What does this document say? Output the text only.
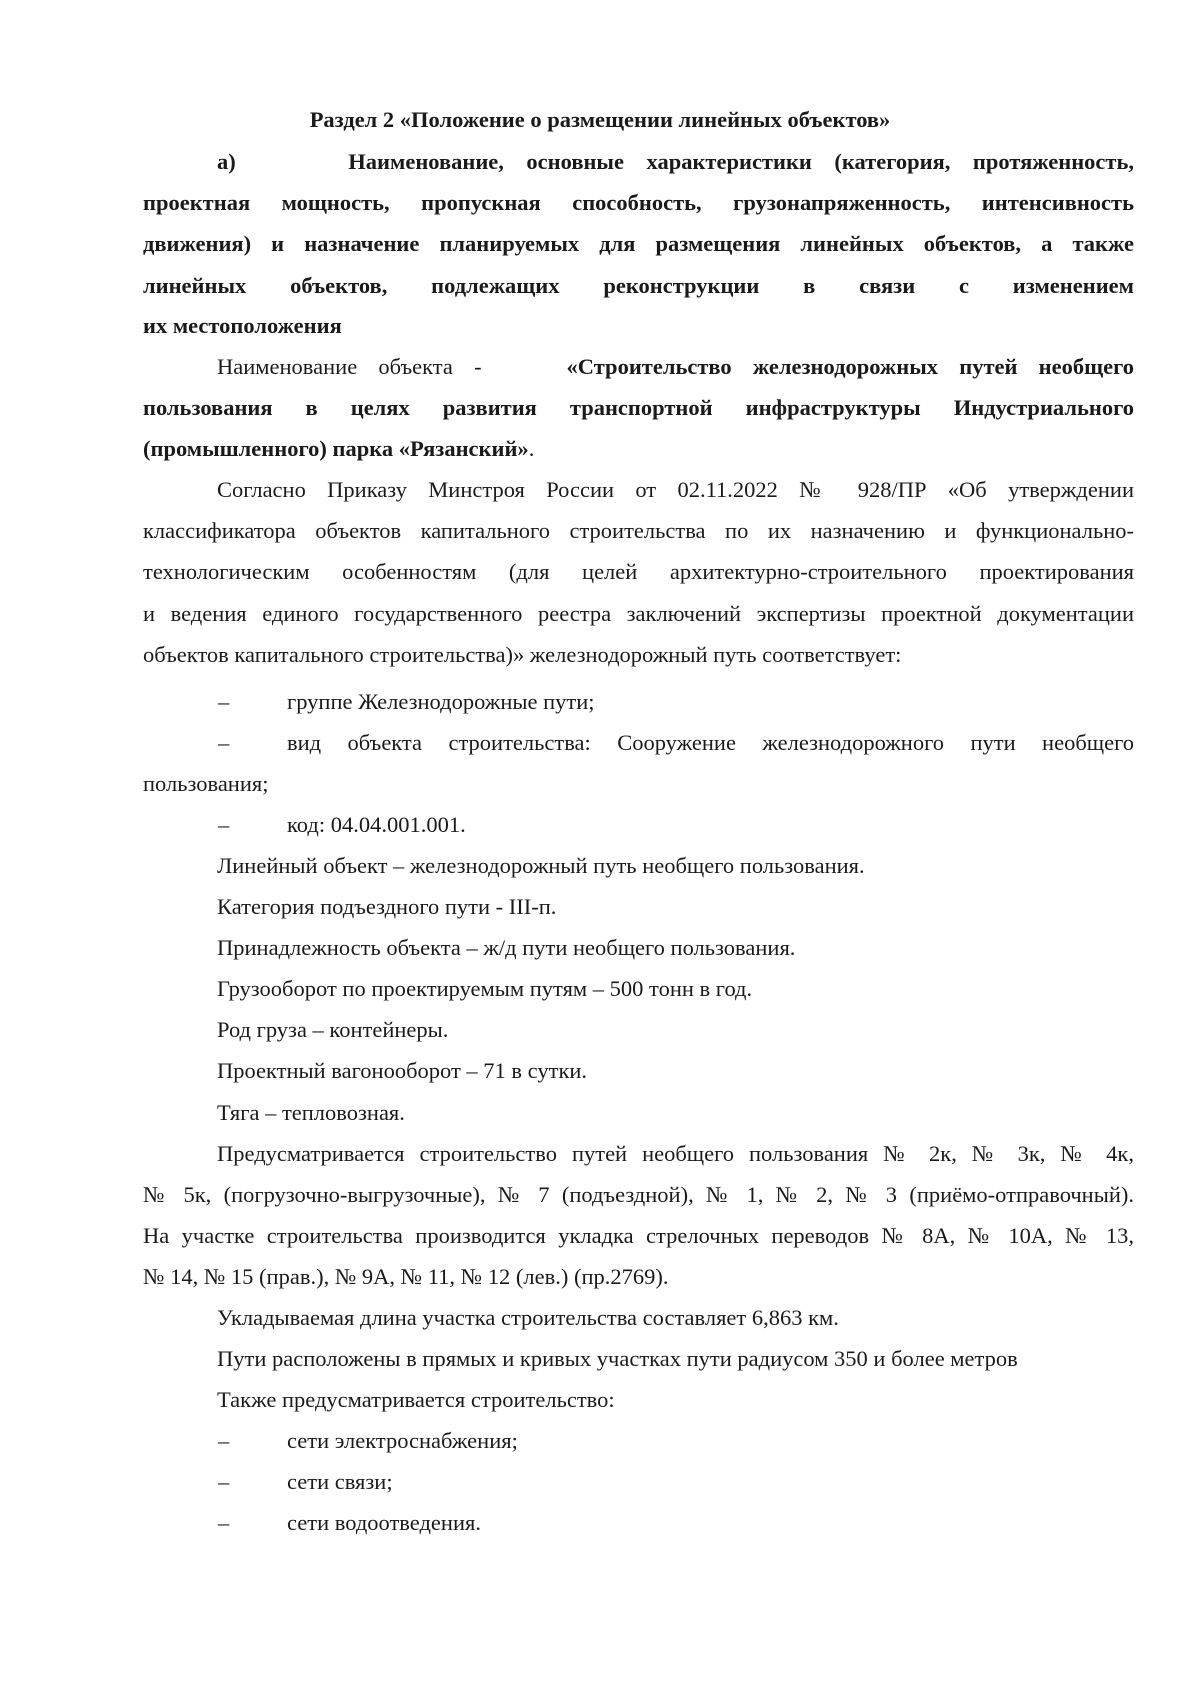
Раздел 2 «Положение о размещении линейных объектов»

а)	Наименование, основные характеристики (категория, протяженность,

проектная мощность, пропускная способность, грузонапряженность, интенсивность

движения) и назначение планируемых для размещения линейных объектов, а также

линейных объектов, подлежащих реконструкции в связи с изменением

их местоположения

Наименование объекта -	«Строительство железнодорожных путей необщего

пользования в целях развития транспортной инфраструктуры Индустриального

(промышленного) парка «Рязанский».

Согласно Приказу Минстроя России от 02.11.2022 № 928/ПР «Об утверждении

классификатора объектов капитального строительства по их назначению и функционально-

технологическим особенностям (для целей архитектурно-строительного проектирования

и ведения единого государственного реестра заключений экспертизы проектной документации

объектов капитального строительства)» железнодорожный путь соответствует:

–	группе Железнодорожные пути;

–	вид объекта строительства: Сооружение железнодорожного пути необщего

пользования;

–	код: 04.04.001.001.

Линейный объект – железнодорожный путь необщего пользования.

Категория подъездного пути - III-п.

Принадлежность объекта – ж/д пути необщего пользования.

Грузооборот по проектируемым путям – 500 тонн в год.

Род груза – контейнеры.

Проектный вагонооборот – 71 в сутки.

Тяга – тепловозная.

Предусматривается строительство путей необщего пользования № 2к, № 3к, № 4к,

№ 5к, (погрузочно-выгрузочные), № 7 (подъездной), № 1, № 2, № 3 (приёмо-отправочный).

На участке строительства производится укладка стрелочных переводов № 8А, № 10А, № 13,

№ 14, № 15 (прав.), № 9А, № 11, № 12 (лев.) (пр.2769).

Укладываемая длина участка строительства составляет 6,863 км.

Пути расположены в прямых и кривых участках пути радиусом 350 и более метров

Также предусматривается строительство:

–	сети электроснабжения;

–	сети связи;

–	сети водоотведения.
